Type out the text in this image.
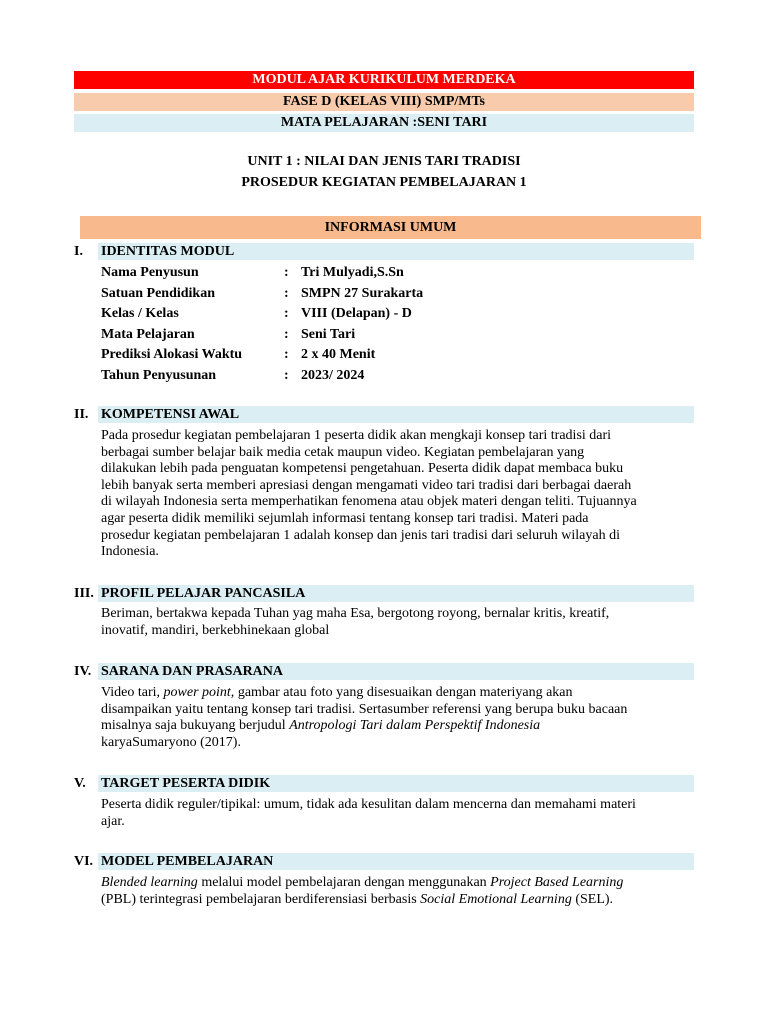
MODUL AJAR KURIKULUM MERDEKA
FASE D (KELAS VIII) SMP/MTs
MATA PELAJARAN :SENI TARI
UNIT 1 : NILAI DAN JENIS TARI TRADISI
PROSEDUR KEGIATAN PEMBELAJARAN 1
INFORMASI UMUM
I. IDENTITAS MODUL
Nama Penyusun	: Tri Mulyadi,S.Sn
Satuan Pendidikan	: SMPN 27 Surakarta
Kelas / Kelas	: VIII (Delapan) - D
Mata Pelajaran	: Seni Tari
Prediksi Alokasi Waktu	: 2 x 40 Menit
Tahun Penyusunan	: 2023/ 2024
II. KOMPETENSI AWAL

Pada prosedur kegiatan pembelajaran 1 peserta didik akan mengkaji konsep tari tradisi dari

berbagai sumber belajar baik media cetak maupun video. Kegiatan pembelajaran yang

dilakukan lebih pada penguatan kompetensi pengetahuan. Peserta didik dapat membaca buku

lebih banyak serta memberi apresiasi dengan mengamati video tari tradisi dari berbagai daerah

di wilayah Indonesia serta memperhatikan fenomena atau objek materi dengan teliti. Tujuannya

agar peserta didik memiliki sejumlah informasi tentang konsep tari tradisi. Materi pada

prosedur kegiatan pembelajaran 1 adalah konsep dan jenis tari tradisi dari seluruh wilayah di

Indonesia.

III. PROFIL PELAJAR PANCASILA

Beriman, bertakwa kepada Tuhan yag maha Esa, bergotong royong, bernalar kritis, kreatif,

inovatif, mandiri, berkebhinekaan global

IV. SARANA DAN PRASARANA

Video tari, power point, gambar atau foto yang disesuaikan dengan materiyang akan

disampaikan yaitu tentang konsep tari tradisi. Sertasumber referensi yang berupa buku bacaan

misalnya saja bukuyang berjudul Antropologi Tari dalam Perspektif Indonesia

karyaSumaryono (2017).

V. TARGET PESERTA DIDIK

Peserta didik reguler/tipikal: umum, tidak ada kesulitan dalam mencerna dan memahami materi

ajar.

VI. MODEL PEMBELAJARAN

Blended learning melalui model pembelajaran dengan menggunakan Project Based Learning

(PBL) terintegrasi pembelajaran berdiferensiasi berbasis Social Emotional Learning (SEL).
